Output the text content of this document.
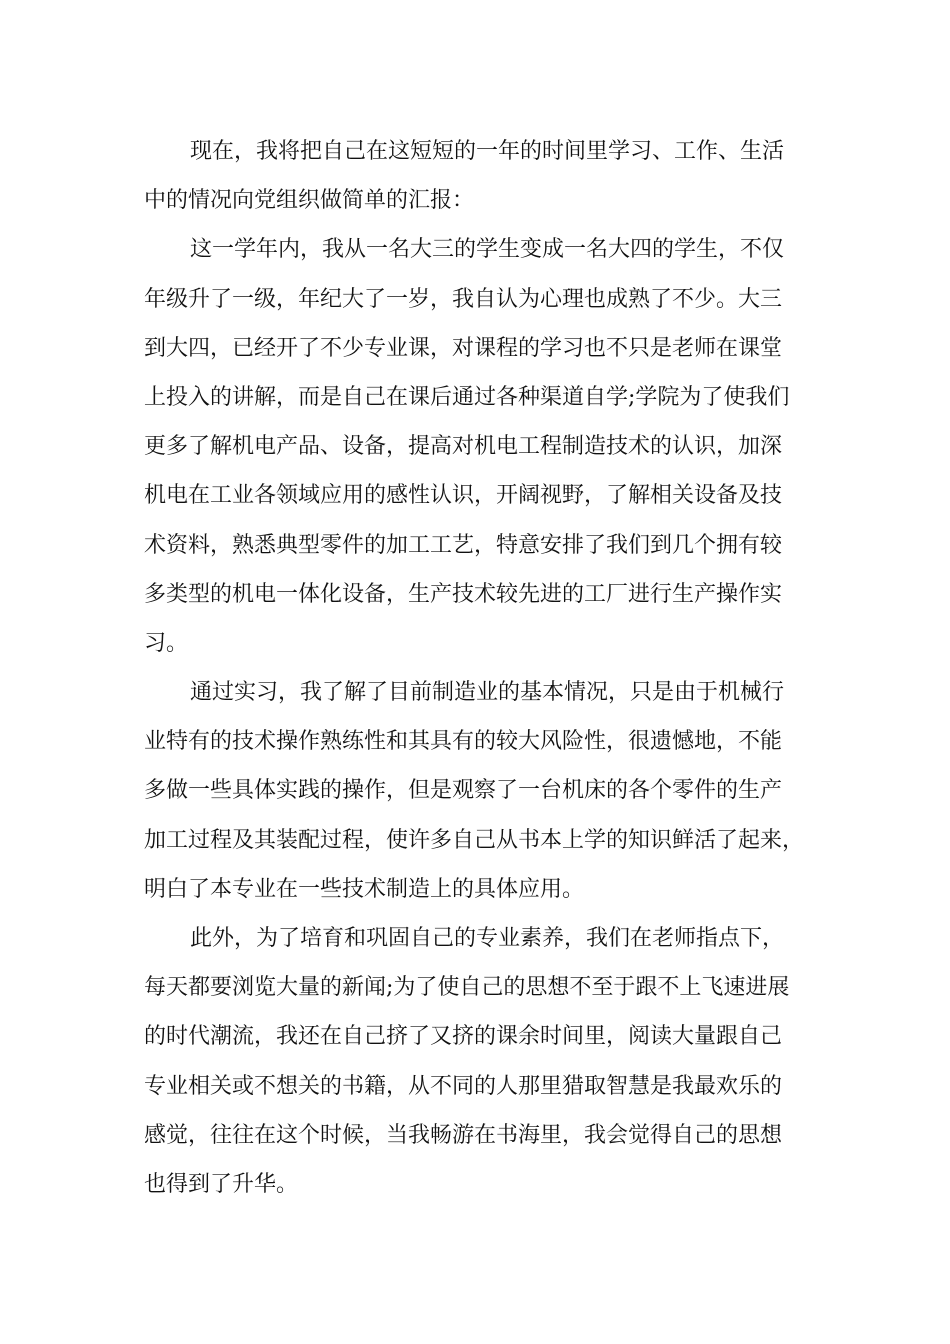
现在，我将把自己在这短短的一年的时间里学习、工作、生活
中的情况向党组织做简单的汇报：

这一学年内，我从一名大三的学生变成一名大四的学生，不仅
年级升了一级，年纪大了一岁，我自认为心理也成熟了不少。大三
到大四，已经开了不少专业课，对课程的学习也不只是老师在课堂
上投入的讲解，而是自己在课后通过各种渠道自学;学院为了使我们
更多了解机电产品、设备，提高对机电工程制造技术的认识，加深
机电在工业各领域应用的感性认识，开阔视野，了解相关设备及技
术资料，熟悉典型零件的加工工艺，特意安排了我们到几个拥有较
多类型的机电一体化设备，生产技术较先进的工厂进行生产操作实
习。

通过实习，我了解了目前制造业的基本情况，只是由于机械行
业特有的技术操作熟练性和其具有的较大风险性，很遗憾地，不能
多做一些具体实践的操作，但是观察了一台机床的各个零件的生产
加工过程及其装配过程，使许多自己从书本上学的知识鲜活了起来，
明白了本专业在一些技术制造上的具体应用。

此外，为了培育和巩固自己的专业素养，我们在老师指点下，
每天都要浏览大量的新闻;为了使自己的思想不至于跟不上飞速进展
的时代潮流，我还在自己挤了又挤的课余时间里，阅读大量跟自己
专业相关或不想关的书籍，从不同的人那里猎取智慧是我最欢乐的
感觉，往往在这个时候，当我畅游在书海里，我会觉得自己的思想
也得到了升华。
